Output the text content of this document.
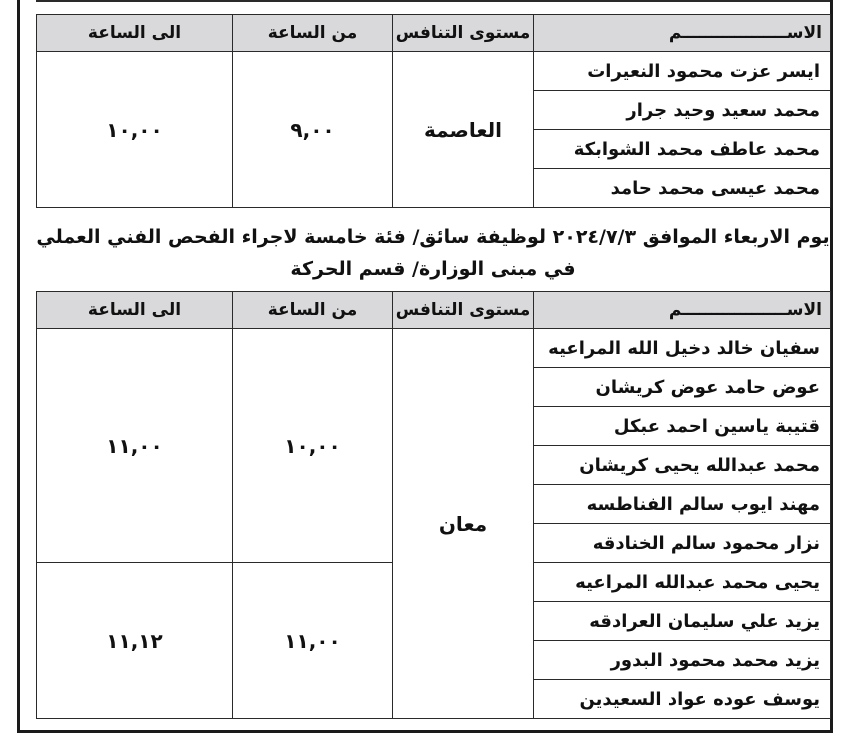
الاســــــــــــــــــم	مستوى التنافس	من الساعة	الى الساعة
ايسر عزت محمود النعيرات	العاصمة	٩,٠٠	١٠,٠٠
محمد سعيد وحيد جرار			
محمد عاطف محمد الشوابكة			
محمد عيسى محمد حامد			
يوم الاربعاء الموافق ٢٠٢٤/٧/٣ لوظيفة سائق/ فئة خامسة لاجراء الفحص الفني العملي
في مبنى الوزارة/ قسم الحركة
الاســــــــــــــــــم	مستوى التنافس	من الساعة	الى الساعة
سفيان خالد دخيل الله المراعيه	معان	١٠,٠٠	١١,٠٠
عوض حامد عوض كريشان			
قتيبة ياسين احمد عبكل			
محمد عبدالله يحيى كريشان			
مهند ايوب سالم الفناطسه			
نزار محمود سالم الخنادقه			
يحيى محمد عبدالله المراعيه		١١,٠٠	١١,١٢
يزيد علي سليمان العرادقه			
يزيد محمد محمود البدور			
يوسف عوده عواد السعيدين			
